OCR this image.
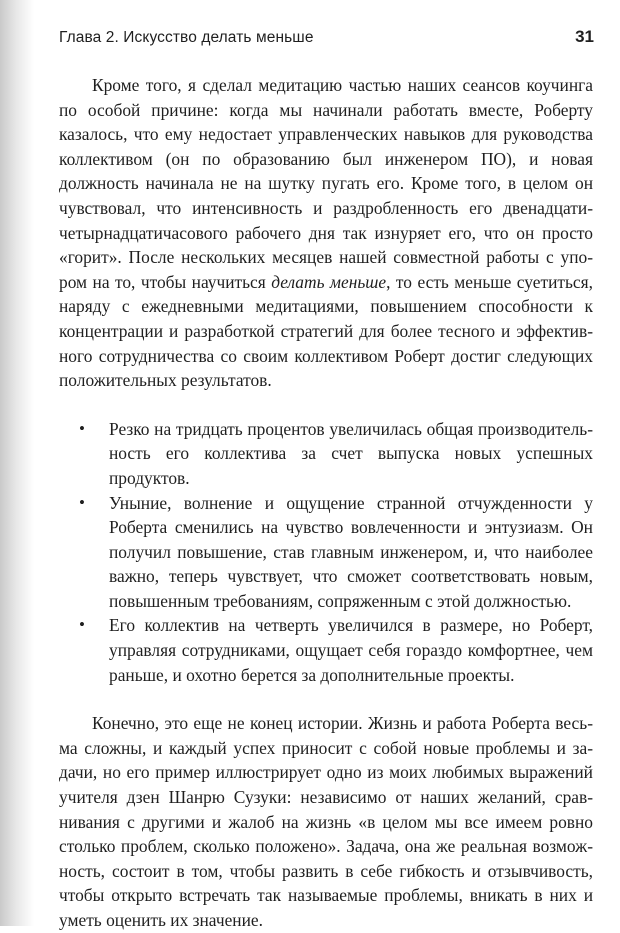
Глава 2. Искусство делать меньше	31

Кроме того, я сделал медитацию частью наших сеансов коучинга по особой причине: когда мы начинали работать вместе, Роберту казалось, что ему недостает управленческих навыков для руководства коллективом (он по образованию был инженером ПО), и новая должность начинала не на шутку пугать его. Кроме того, в целом он чувствовал, что интенсивность и раздробленность его двенадцати-четырнадцатичасового рабочего дня так изнуряет его, что он просто «горит». После нескольких месяцев нашей совместной работы с упором на то, чтобы научиться делать меньше, то есть меньше суетиться, наряду с ежедневными медитациями, повышением способности к концентрации и разработкой стратегий для более тесного и эффективного сотрудничества со своим коллективом Роберт достиг следующих положительных результатов.

• Резко на тридцать процентов увеличилась общая производительность его коллектива за счет выпуска новых успешных продуктов.
• Уныние, волнение и ощущение странной отчужденности у Роберта сменились на чувство вовлеченности и энтузиазм. Он получил повышение, став главным инженером, и, что наиболее важно, теперь чувствует, что сможет соответствовать новым, повышенным требованиям, сопряженным с этой должностью.
• Его коллектив на четверть увеличился в размере, но Роберт, управляя сотрудниками, ощущает себя гораздо комфортнее, чем раньше, и охотно берется за дополнительные проекты.

Конечно, это еще не конец истории. Жизнь и работа Роберта весьма сложны, и каждый успех приносит с собой новые проблемы и задачи, но его пример иллюстрирует одно из моих любимых выражений учителя дзен Шанрю Сузуки: независимо от наших желаний, сравнивания с другими и жалоб на жизнь «в целом мы все имеем ровно столько проблем, сколько положено». Задача, она же реальная возможность, состоит в том, чтобы развить в себе гибкость и отзывчивость, чтобы открыто встречать так называемые проблемы, вникать в них и уметь оценить их значение.
